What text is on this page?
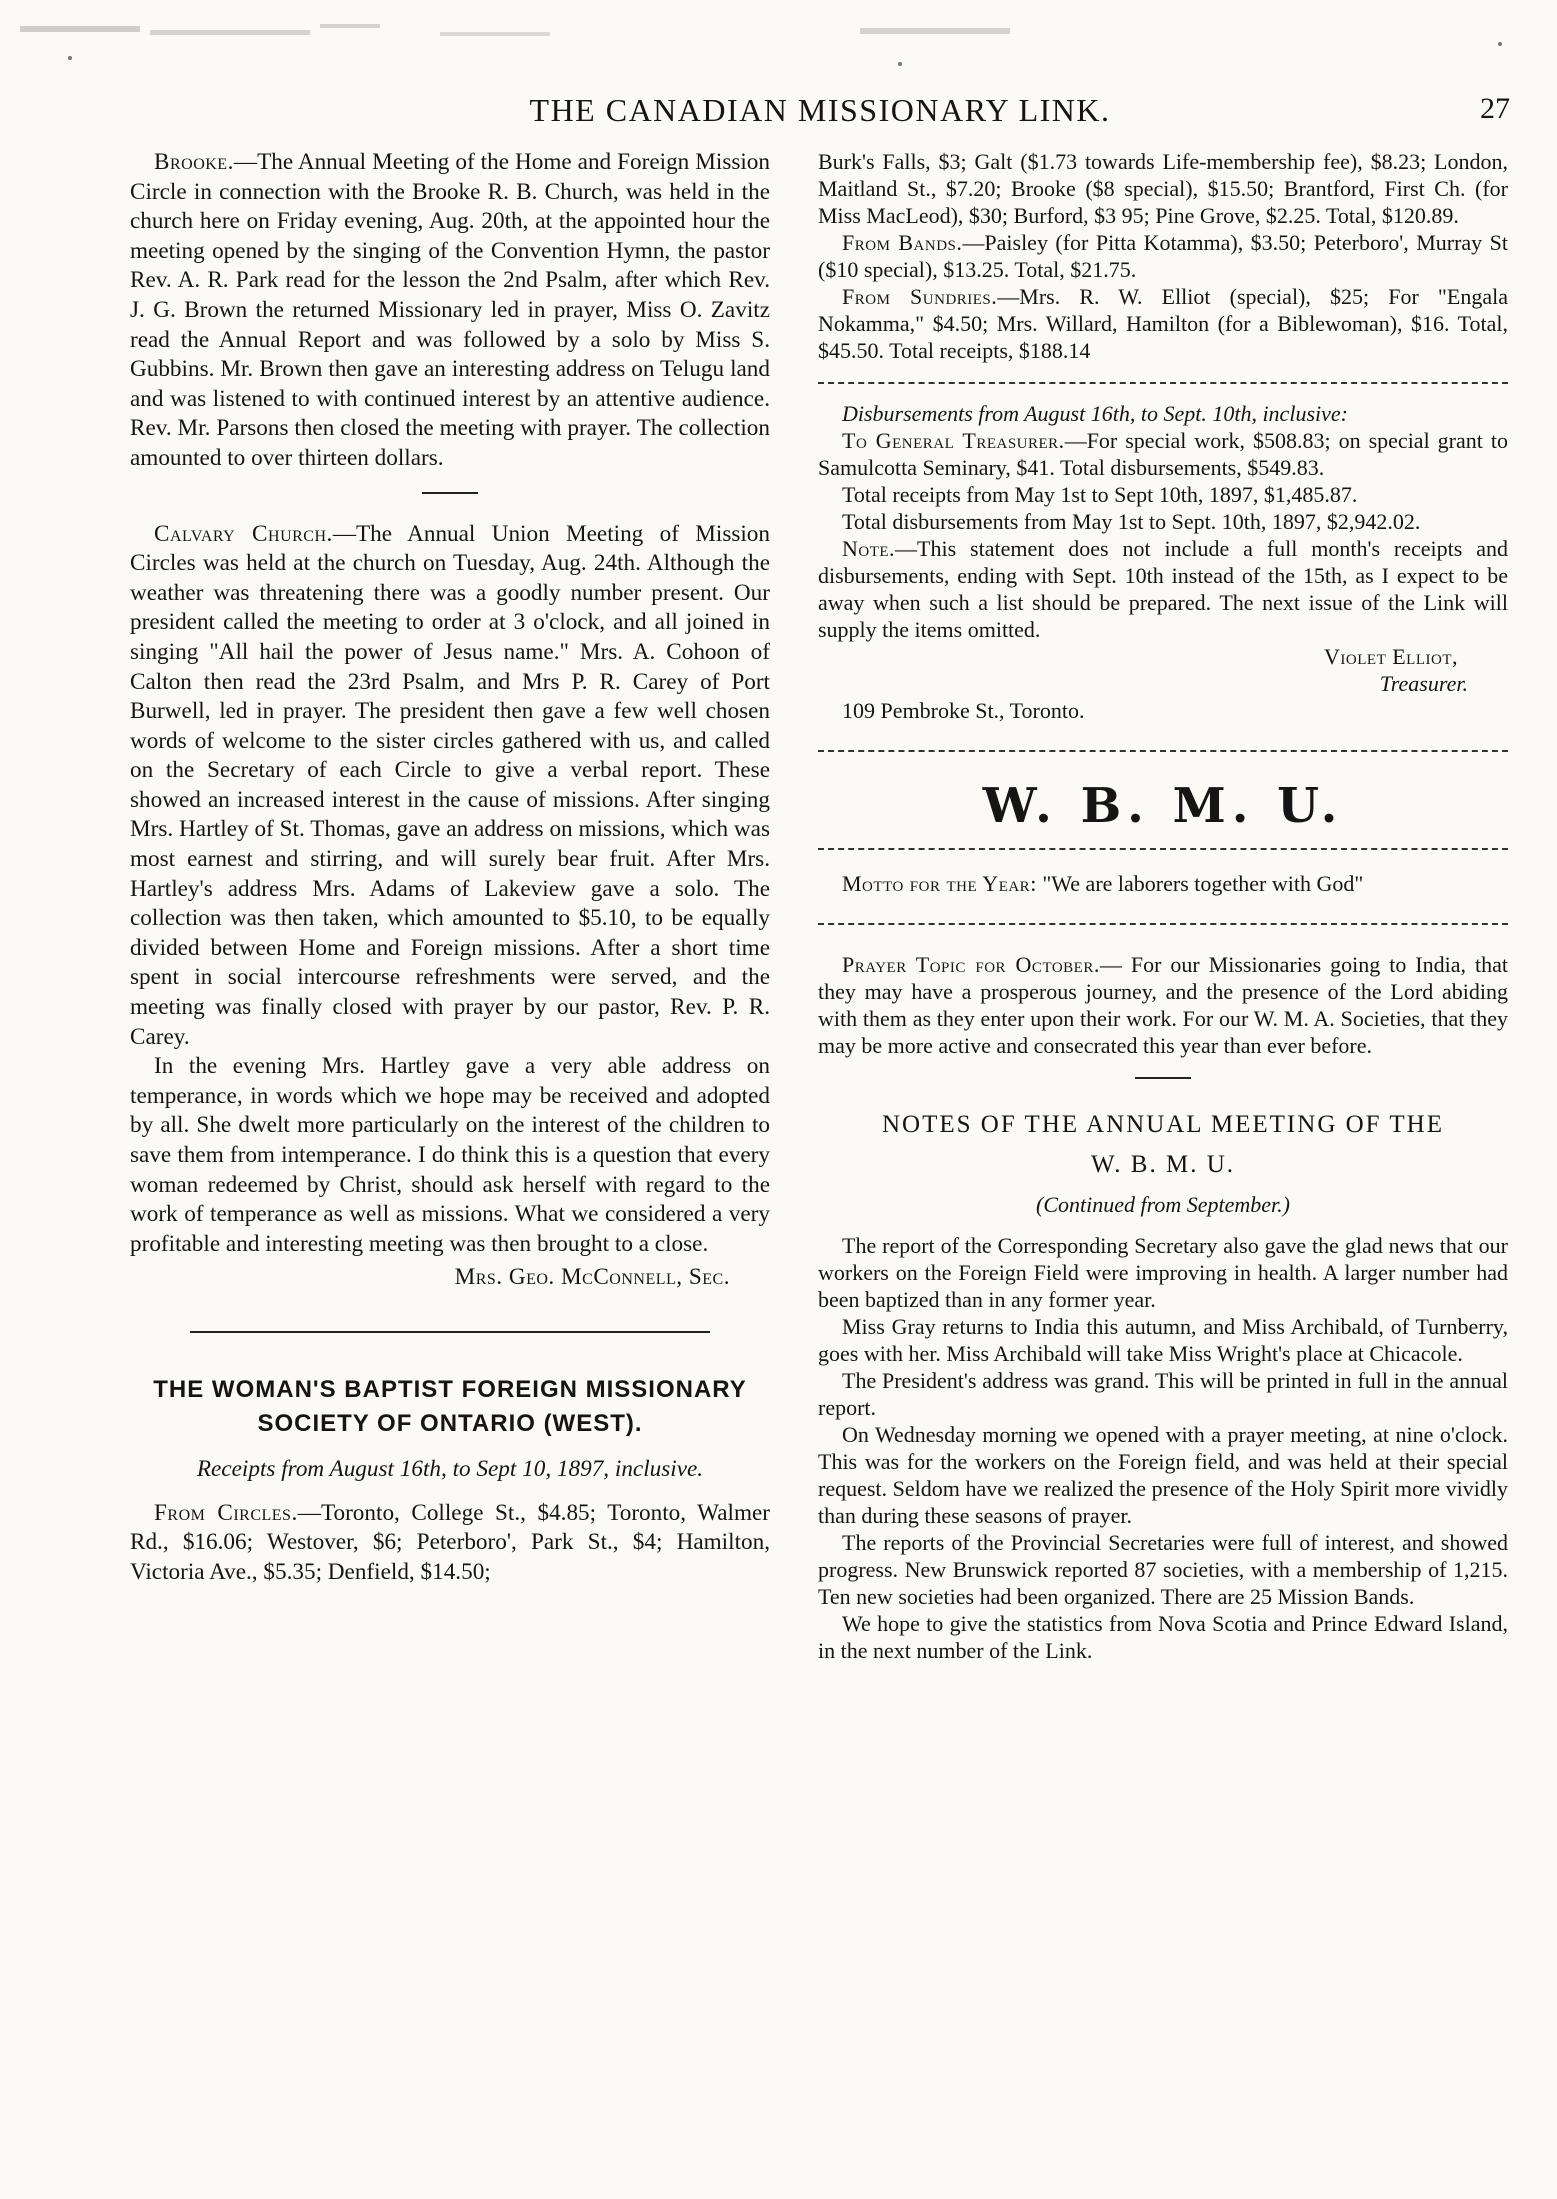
THE CANADIAN MISSIONARY LINK.	27

Brooke.—The Annual Meeting of the Home and Foreign Mission Circle in connection with the Brooke R. B. Church, was held in the church here on Friday evening, Aug. 20th, at the appointed hour the meeting opened by the singing of the Convention Hymn, the pastor Rev. A. R. Park read for the lesson the 2nd Psalm, after which Rev. J. G. Brown the returned Missionary led in prayer, Miss O. Zavitz read the Annual Report and was followed by a solo by Miss S. Gubbins. Mr. Brown then gave an interesting address on Telugu land and was listened to with continued interest by an attentive audience. Rev. Mr. Parsons then closed the meeting with prayer. The collection amounted to over thirteen dollars.

Calvary Church.—The Annual Union Meeting of Mission Circles was held at the church on Tuesday, Aug. 24th. Although the weather was threatening there was a goodly number present. Our president called the meeting to order at 3 o'clock, and all joined in singing "All hail the power of Jesus name." Mrs. A. Cohoon of Calton then read the 23rd Psalm, and Mrs P. R. Carey of Port Burwell, led in prayer. The president then gave a few well chosen words of welcome to the sister circles gathered with us, and called on the Secretary of each Circle to give a verbal report. These showed an increased interest in the cause of missions. After singing Mrs. Hartley of St. Thomas, gave an address on missions, which was most earnest and stirring, and will surely bear fruit. After Mrs. Hartley's address Mrs. Adams of Lakeview gave a solo. The collection was then taken, which amounted to $5.10, to be equally divided between Home and Foreign missions. After a short time spent in social intercourse refreshments were served, and the meeting was finally closed with prayer by our pastor, Rev. P. R. Carey.

In the evening Mrs. Hartley gave a very able address on temperance, in words which we hope may be received and adopted by all. She dwelt more particularly on the interest of the children to save them from intemperance. I do think this is a question that every woman redeemed by Christ, should ask herself with regard to the work of temperance as well as missions. What we considered a very profitable and interesting meeting was then brought to a close.

Mrs. Geo. McConnell, Sec.
THE WOMAN'S BAPTIST FOREIGN MISSIONARY
SOCIETY OF ONTARIO (WEST).
Receipts from August 16th, to Sept 10, 1897, inclusive.

From Circles.—Toronto, College St., $4.85; Toronto, Walmer Rd., $16.06; Westover, $6; Peterboro', Park St., $4; Hamilton, Victoria Ave., $5.35; Denfield, $14.50;

Burk's Falls, $3; Galt ($1.73 towards Life-membership fee), $8.23; London, Maitland St., $7.20; Brooke ($8 special), $15.50; Brantford, First Ch. (for Miss MacLeod), $30; Burford, $3 95; Pine Grove, $2.25. Total, $120.89.

From Bands.—Paisley (for Pitta Kotamma), $3.50; Peterboro', Murray St ($10 special), $13.25. Total, $21.75.

From Sundries.—Mrs. R. W. Elliot (special), $25; For "Engala Nokamma," $4.50; Mrs. Willard, Hamilton (for a Biblewoman), $16. Total, $45.50. Total receipts, $188.14

Disbursements from August 16th, to Sept. 10th, inclusive:

To General Treasurer.—For special work, $508.83; on special grant to Samulcotta Seminary, $41. Total disbursements, $549.83.

Total receipts from May 1st to Sept 10th, 1897, $1,485.87.

Total disbursements from May 1st to Sept. 10th, 1897, $2,942.02.

Note.—This statement does not include a full month's receipts and disbursements, ending with Sept. 10th instead of the 15th, as I expect to be away when such a list should be prepared. The next issue of the Link will supply the items omitted.

Violet Elliot,
Treasurer.

109 Pembroke St., Toronto.

W. B. M. U.

Motto for the Year: "We are laborers together with God"

Prayer Topic for October.— For our Missionaries going to India, that they may have a prosperous journey, and the presence of the Lord abiding with them as they enter upon their work. For our W. M. A. Societies, that they may be more active and consecrated this year than ever before.

NOTES OF THE ANNUAL MEETING OF THE
W. B. M. U.
(Continued from September.)

The report of the Corresponding Secretary also gave the glad news that our workers on the Foreign Field were improving in health. A larger number had been baptized than in any former year.

Miss Gray returns to India this autumn, and Miss Archibald, of Turnberry, goes with her. Miss Archibald will take Miss Wright's place at Chicacole.

The President's address was grand. This will be printed in full in the annual report.

On Wednesday morning we opened with a prayer meeting, at nine o'clock. This was for the workers on the Foreign field, and was held at their special request. Seldom have we realized the presence of the Holy Spirit more vividly than during these seasons of prayer.

The reports of the Provincial Secretaries were full of interest, and showed progress. New Brunswick reported 87 societies, with a membership of 1,215. Ten new societies had been organized. There are 25 Mission Bands.

We hope to give the statistics from Nova Scotia and Prince Edward Island, in the next number of the Link.
